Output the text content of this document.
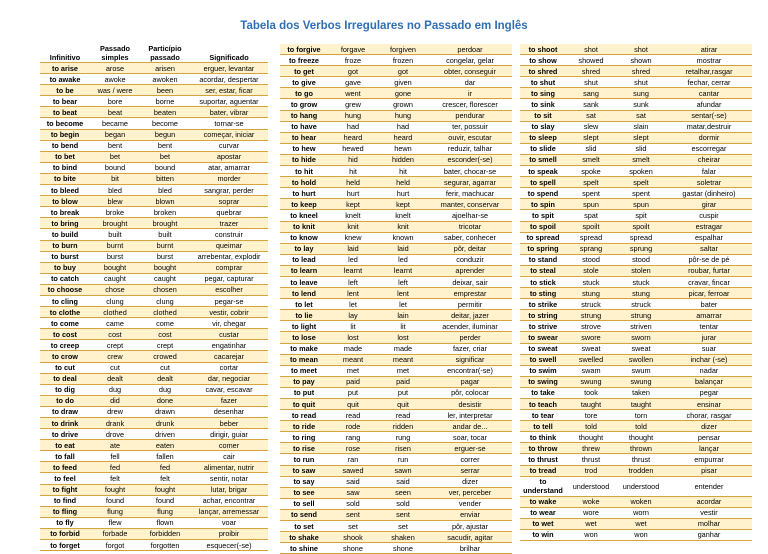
Tabela dos Verbos Irregulares no Passado em Inglês
Infinitivo	Passado simples	Particípio passado	Significado
to arise	arose	arisen	erguer, levantar
to awake	awoke	awoken	acordar, despertar
to be	was / were	been	ser, estar, ficar
to bear	bore	borne	suportar, aguentar
to beat	beat	beaten	bater, vibrar
to become	became	become	tornar-se
to begin	began	begun	começar, iniciar
to bend	bent	bent	curvar
to bet	bet	bet	apostar
to bind	bound	bound	atar, amarrar
to bite	bit	bitten	morder
to bleed	bled	bled	sangrar, perder
to blow	blew	blown	soprar
to break	broke	broken	quebrar
to bring	brought	brought	trazer
to build	built	built	construir
to burn	burnt	burnt	queimar
to burst	burst	burst	arrebentar, explodir
to buy	bought	bought	comprar
to catch	caught	caught	pegar, capturar
to choose	chose	chosen	escolher
to cling	clung	clung	pegar-se
to clothe	clothed	clothed	vestir, cobrir
to come	came	come	vir, chegar
to cost	cost	cost	custar
to creep	crept	crept	engatinhar
to crow	crew	crowed	cacarejar
to cut	cut	cut	cortar
to deal	dealt	dealt	dar, negociar
to dig	dug	dug	cavar, escavar
to do	did	done	fazer
to draw	drew	drawn	desenhar
to drink	drank	drunk	beber
to drive	drove	driven	dirigir, guiar
to eat	ate	eaten	comer
to fall	fell	fallen	cair
to feed	fed	fed	alimentar, nutrir
to feel	felt	felt	sentir, notar
to fight	fought	fought	lutar, brigar
to find	found	found	achar, encontrar
to fling	flung	flung	lançar, arremessar
to fly	flew	flown	voar
to forbid	forbade	forbidden	proibir
to forget	forgot	forgotten	esquecer(-se)
to forgive	forgave	forgiven	perdoar
to freeze	froze	frozen	congelar, gelar
to get	got	got	obter, conseguir
to give	gave	given	dar
to go	went	gone	ir
to grow	grew	grown	crescer, florescer
to hang	hung	hung	pendurar
to have	had	had	ter, possuir
to hear	heard	heard	ouvir, escutar
to hew	hewed	hewn	reduzir, talhar
to hide	hid	hidden	esconder(-se)
to hit	hit	hit	bater, chocar-se
to hold	held	held	segurar, agarrar
to hurt	hurt	hurt	ferir, machucar
to keep	kept	kept	manter, conservar
to kneel	knelt	knelt	ajoelhar-se
to knit	knit	knit	tricotar
to know	knew	known	saber, conhecer
to lay	laid	laid	pôr, deitar
to lead	led	led	conduzir
to learn	learnt	learnt	aprender
to leave	left	left	deixar, sair
to lend	lent	lent	emprestar
to let	let	let	permitir
to lie	lay	lain	deitar, jazer
to light	lit	lit	acender, iluminar
to lose	lost	lost	perder
to make	made	made	fazer, criar
to mean	meant	meant	significar
to meet	met	met	encontrar(-se)
to pay	paid	paid	pagar
to put	put	put	pôr, colocar
to quit	quit	quit	desistir
to read	read	read	ler, interpretar
to ride	rode	ridden	andar de...
to ring	rang	rung	soar, tocar
to rise	rose	risen	erguer-se
to run	ran	run	correr
to saw	sawed	sawn	serrar
to say	said	said	dizer
to see	saw	seen	ver, perceber
to sell	sold	sold	vender
to send	sent	sent	enviar
to set	set	set	pôr, ajustar
to shake	shook	shaken	sacudir, agitar
to shine	shone	shone	brilhar
to shoot	shot	shot	atirar
to show	showed	shown	mostrar
to shred	shred	shred	retalhar,rasgar
to shut	shut	shut	fechar, cerrar
to sing	sang	sung	cantar
to sink	sank	sunk	afundar
to sit	sat	sat	sentar(-se)
to slay	slew	slain	matar,destruir
to sleep	slept	slept	dormir
to slide	slid	slid	escorregar
to smell	smelt	smelt	cheirar
to speak	spoke	spoken	falar
to spell	spelt	spelt	soletrar
to spend	spent	spent	gastar (dinheiro)
to spin	spun	spun	girar
to spit	spat	spit	cuspir
to spoil	spoilt	spoilt	estragar
to spread	spread	spread	espalhar
to spring	sprang	sprung	saltar
to stand	stood	stood	pôr-se de pé
to steal	stole	stolen	roubar, furtar
to stick	stuck	stuck	cravar, fincar
to sting	stung	stung	picar, ferroar
to strike	struck	struck	bater
to string	strung	strung	amarrar
to strive	strove	striven	tentar
to swear	swore	sworn	jurar
to sweat	sweat	sweat	suar
to swell	swelled	swollen	inchar (-se)
to swim	swam	swum	nadar
to swing	swung	swung	balançar
to take	took	taken	pegar
to teach	taught	taught	ensinar
to tear	tore	torn	chorar, rasgar
to tell	told	told	dizer
to think	thought	thought	pensar
to throw	threw	thrown	lançar
to thrust	thrust	thrust	empurrar
to tread	trod	trodden	pisar
to understand	understood	understood	entender
to wake	woke	woken	acordar
to wear	wore	worn	vestir
to wet	wet	wet	molhar
to win	won	won	ganhar
